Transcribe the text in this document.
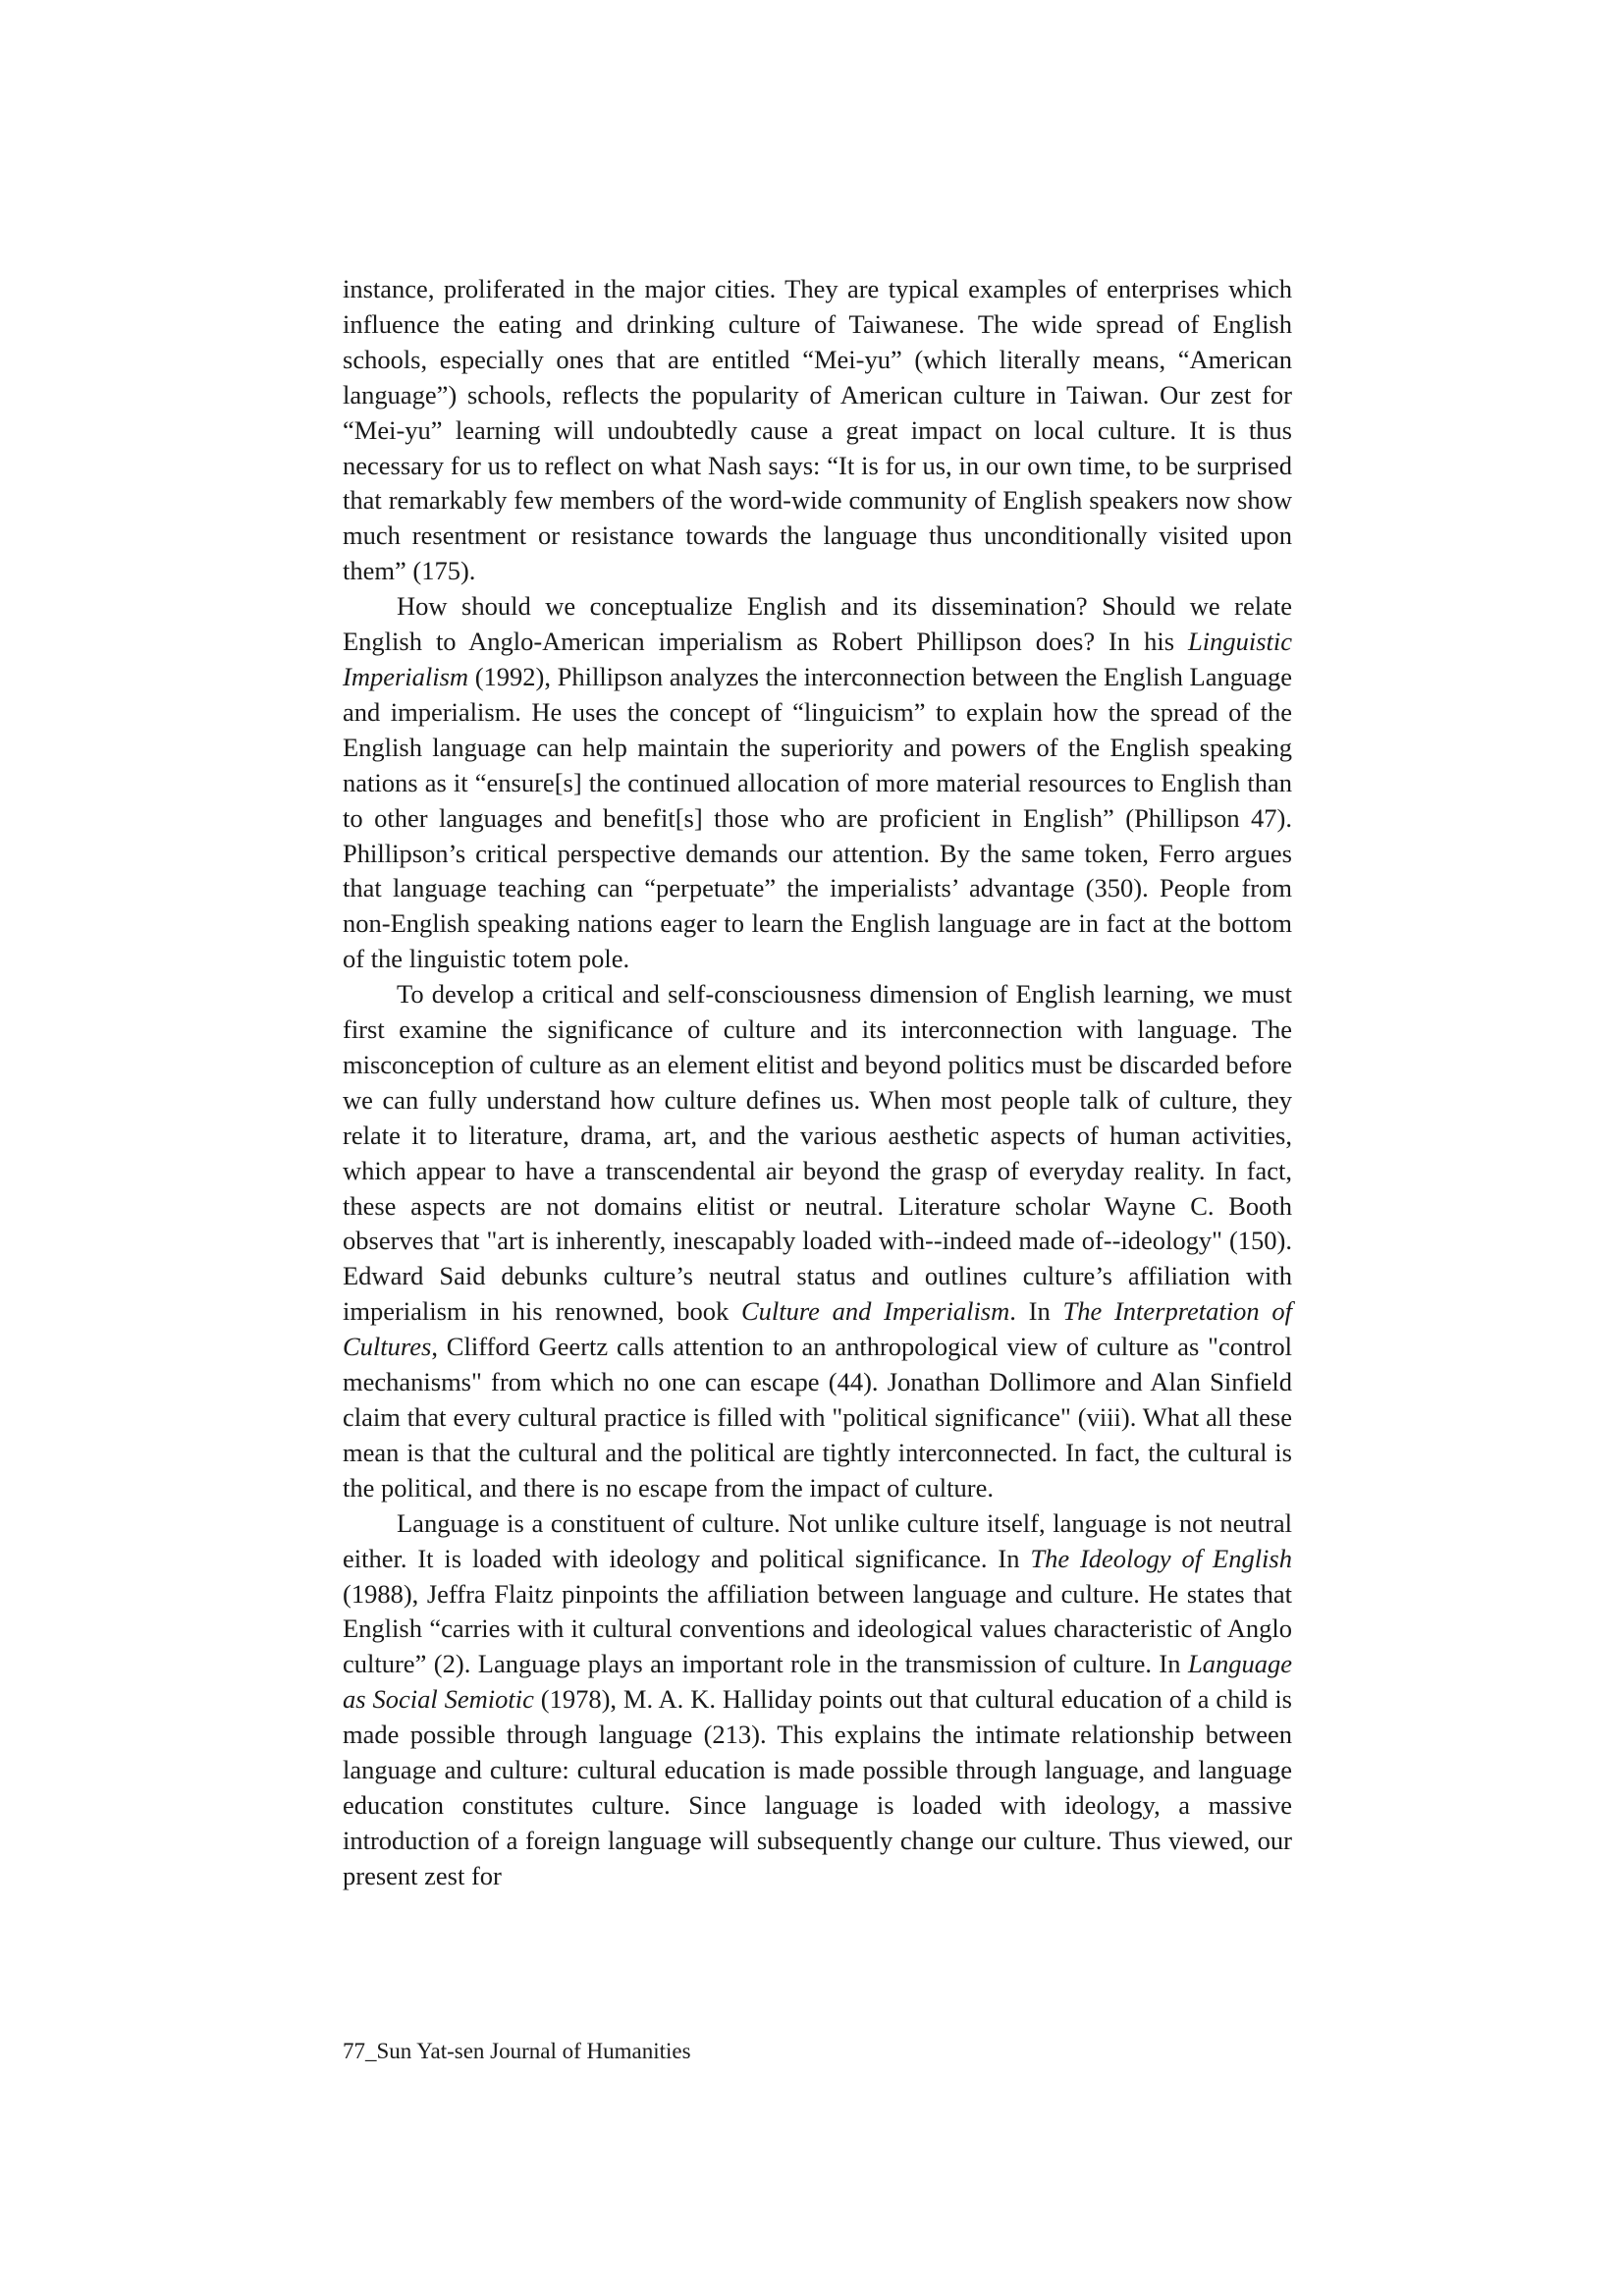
instance, proliferated in the major cities. They are typical examples of enterprises which influence the eating and drinking culture of Taiwanese. The wide spread of English schools, especially ones that are entitled “Mei-yu” (which literally means, “American language”) schools, reflects the popularity of American culture in Taiwan. Our zest for “Mei-yu” learning will undoubtedly cause a great impact on local culture. It is thus necessary for us to reflect on what Nash says: “It is for us, in our own time, to be surprised that remarkably few members of the word-wide community of English speakers now show much resentment or resistance towards the language thus unconditionally visited upon them” (175).

How should we conceptualize English and its dissemination? Should we relate English to Anglo-American imperialism as Robert Phillipson does? In his Linguistic Imperialism (1992), Phillipson analyzes the interconnection between the English Language and imperialism. He uses the concept of “linguicism” to explain how the spread of the English language can help maintain the superiority and powers of the English speaking nations as it “ensure[s] the continued allocation of more material resources to English than to other languages and benefit[s] those who are proficient in English” (Phillipson 47). Phillipson’s critical perspective demands our attention. By the same token, Ferro argues that language teaching can “perpetuate” the imperialists’ advantage (350). People from non-English speaking nations eager to learn the English language are in fact at the bottom of the linguistic totem pole.

To develop a critical and self-consciousness dimension of English learning, we must first examine the significance of culture and its interconnection with language. The misconception of culture as an element elitist and beyond politics must be discarded before we can fully understand how culture defines us. When most people talk of culture, they relate it to literature, drama, art, and the various aesthetic aspects of human activities, which appear to have a transcendental air beyond the grasp of everyday reality. In fact, these aspects are not domains elitist or neutral. Literature scholar Wayne C. Booth observes that "art is inherently, inescapably loaded with--indeed made of--ideology" (150). Edward Said debunks culture’s neutral status and outlines culture’s affiliation with imperialism in his renowned, book Culture and Imperialism. In The Interpretation of Cultures, Clifford Geertz calls attention to an anthropological view of culture as "control mechanisms" from which no one can escape (44). Jonathan Dollimore and Alan Sinfield claim that every cultural practice is filled with "political significance" (viii). What all these mean is that the cultural and the political are tightly interconnected. In fact, the cultural is the political, and there is no escape from the impact of culture.

Language is a constituent of culture. Not unlike culture itself, language is not neutral either. It is loaded with ideology and political significance. In The Ideology of English (1988), Jeffra Flaitz pinpoints the affiliation between language and culture. He states that English “carries with it cultural conventions and ideological values characteristic of Anglo culture” (2). Language plays an important role in the transmission of culture. In Language as Social Semiotic (1978), M. A. K. Halliday points out that cultural education of a child is made possible through language (213). This explains the intimate relationship between language and culture: cultural education is made possible through language, and language education constitutes culture. Since language is loaded with ideology, a massive introduction of a foreign language will subsequently change our culture. Thus viewed, our present zest for

77_Sun Yat-sen Journal of Humanities
